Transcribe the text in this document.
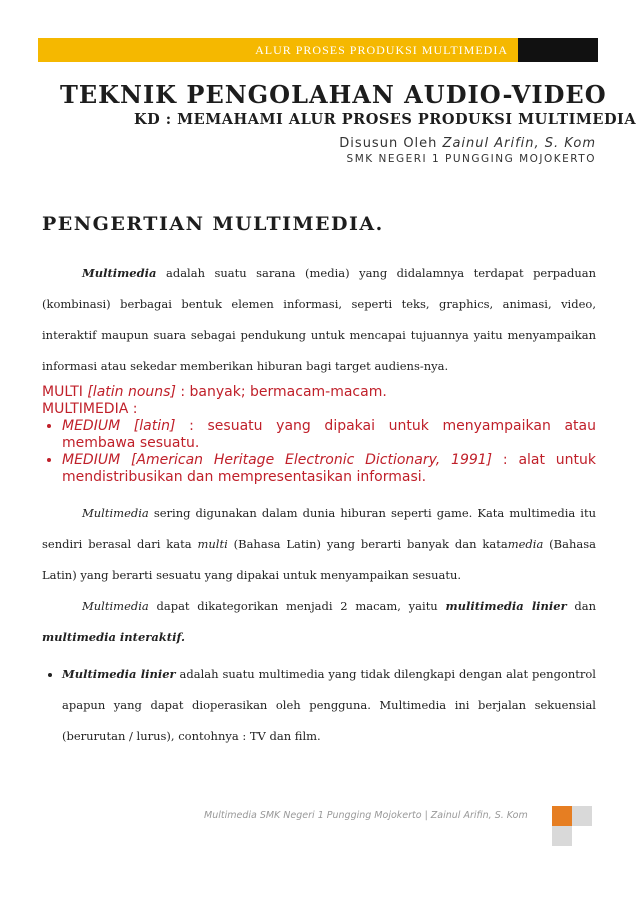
ALUR PROSES PRODUKSI MULTIMEDIA
TEKNIK PENGOLAHAN AUDIO-VIDEO
KD : MEMAHAMI ALUR PROSES PRODUKSI MULTIMEDIA
Disusun Oleh Zainul Arifin, S. Kom
SMK NEGERI 1 PUNGGING MOJOKERTO
PENGERTIAN MULTIMEDIA.

Multimedia adalah suatu sarana (media) yang didalamnya terdapat perpaduan (kombinasi) berbagai bentuk elemen informasi, seperti teks, graphics, animasi, video, interaktif maupun suara sebagai pendukung untuk mencapai tujuannya yaitu menyampaikan informasi atau sekedar memberikan hiburan bagi target audiens-nya.

MULTI [latin nouns] : banyak; bermacam-macam.
MULTIMEDIA :
• MEDIUM [latin] : sesuatu yang dipakai untuk menyampaikan atau membawa sesuatu.
• MEDIUM [American Heritage Electronic Dictionary, 1991] : alat untuk mendistribusikan dan mempresentasikan informasi.

Multimedia sering digunakan dalam dunia hiburan seperti game. Kata multimedia itu sendiri berasal dari kata multi (Bahasa Latin) yang berarti banyak dan katamedia (Bahasa Latin) yang berarti sesuatu yang dipakai untuk menyampaikan sesuatu.

Multimedia dapat dikategorikan menjadi 2 macam, yaitu mulitimedia linier dan multimedia interaktif.

• Multimedia linier adalah suatu multimedia yang tidak dilengkapi dengan alat pengontrol apapun yang dapat dioperasikan oleh pengguna. Multimedia ini berjalan sekuensial (berurutan / lurus), contohnya : TV dan film.
Multimedia SMK Negeri 1 Pungging Mojokerto | Zainul Arifin, S. Kom
